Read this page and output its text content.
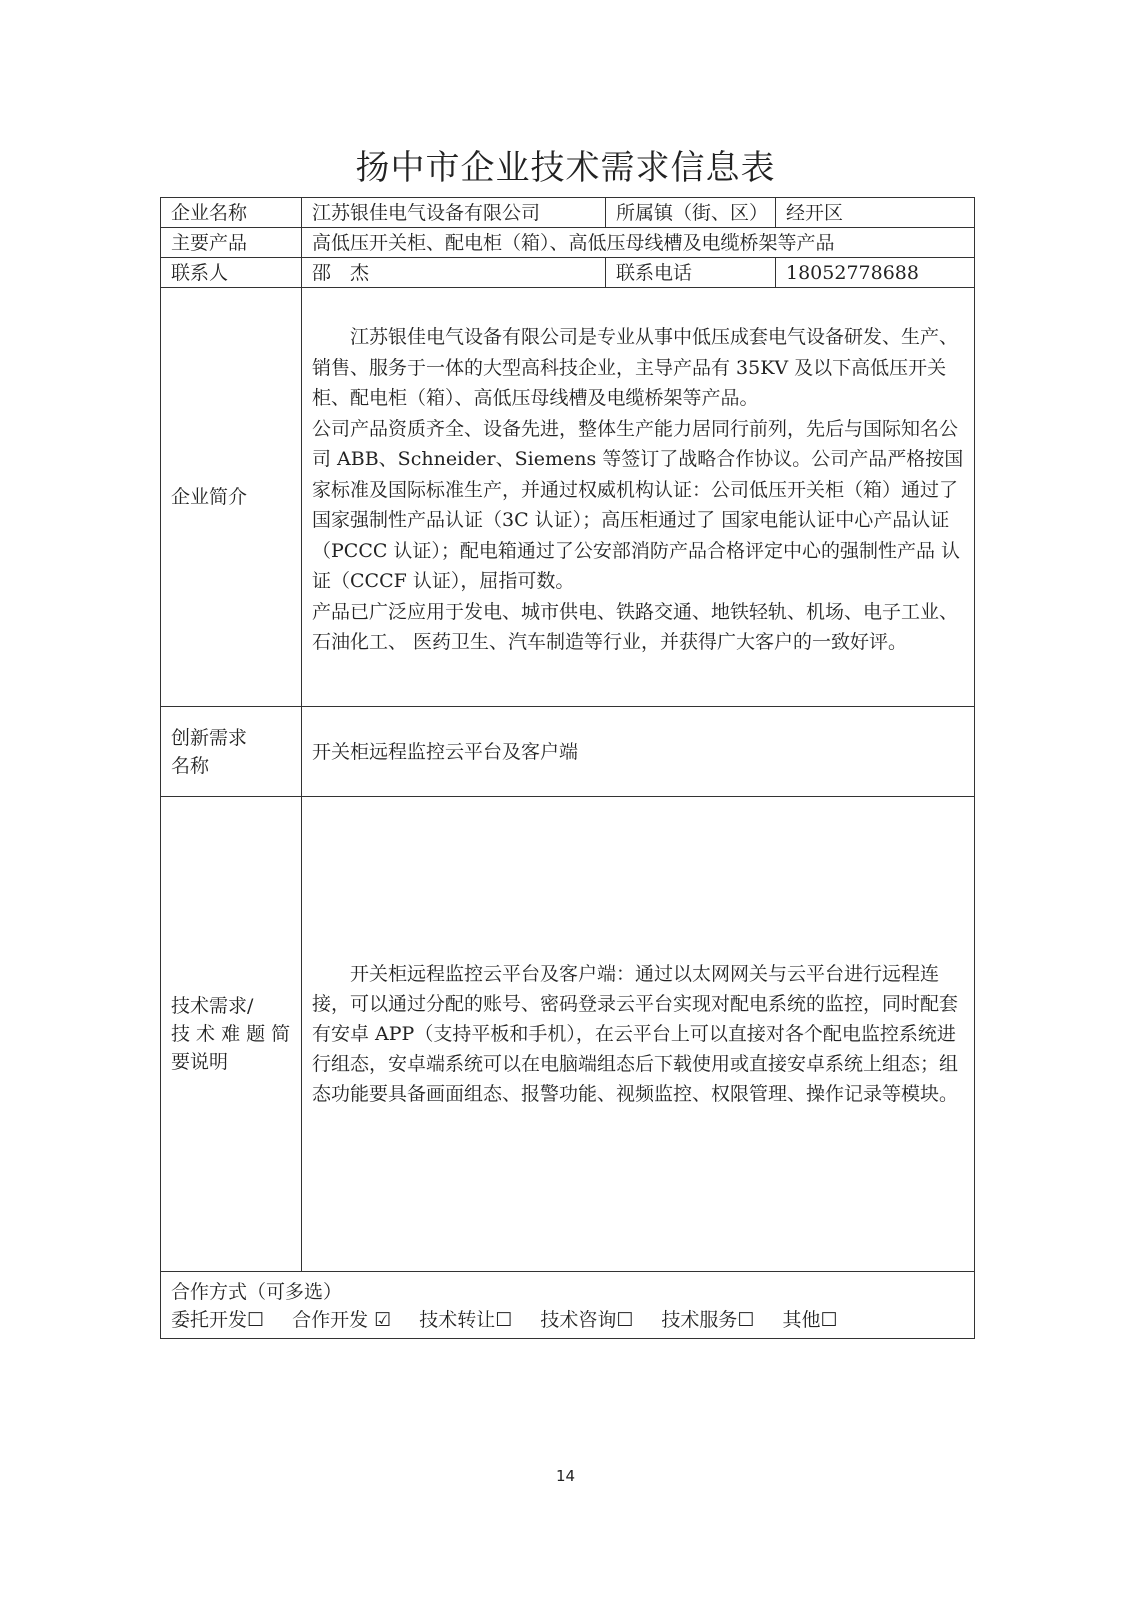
扬中市企业技术需求信息表
企业名称	江苏银佳电气设备有限公司	所属镇（街、区）	经开区
主要产品	高低压开关柜、配电柜（箱）、高低压母线槽及电缆桥架等产品		
联系人	邵　杰	联系电话	18052778688
企业简介	江苏银佳电气设备有限公司是专业从事中低压成套电气设备研发、生产、销售、服务于一体的大型高科技企业，主导产品有 35KV 及以下高低压开关柜、配电柜（箱）、高低压母线槽及电缆桥架等产品。

公司产品资质齐全、设备先进，整体生产能力居同行前列，先后与国际知名公司 ABB、Schneider、Siemens 等签订了战略合作协议。公司产品严格按国家标准及国际标准生产，并通过权威机构认证：公司低压开关柜（箱）通过了国家强制性产品认证（3C 认证）；高压柜通过了 国家电能认证中心产品认证（PCCC 认证）；配电箱通过了公安部消防产品合格评定中心的强制性产品 认证（CCCF 认证），屈指可数。

产品已广泛应用于发电、城市供电、铁路交通、地铁轻轨、机场、电子工业、石油化工、 医药卫生、汽车制造等行业，并获得广大客户的一致好评。		

创新需求
名称	开关柜远程监控云平台及客户端		

技术需求/
技 术 难 题 简
要说明	开关柜远程监控云平台及客户端：通过以太网网关与云平台进行远程连接，可以通过分配的账号、密码登录云平台实现对配电系统的监控，同时配套有安卓 APP（支持平板和手机），在云平台上可以直接对各个配电监控系统进行组态，安卓端系统可以在电脑端组态后下载使用或直接安卓系统上组态；组态功能要具备画面组态、报警功能、视频监控、权限管理、操作记录等模块。		

合作方式（可多选）
委托开发☐ 合作开发 ☑ 技术转让☐ 技术咨询☐ 技术服务☐ 其他☐			
14
